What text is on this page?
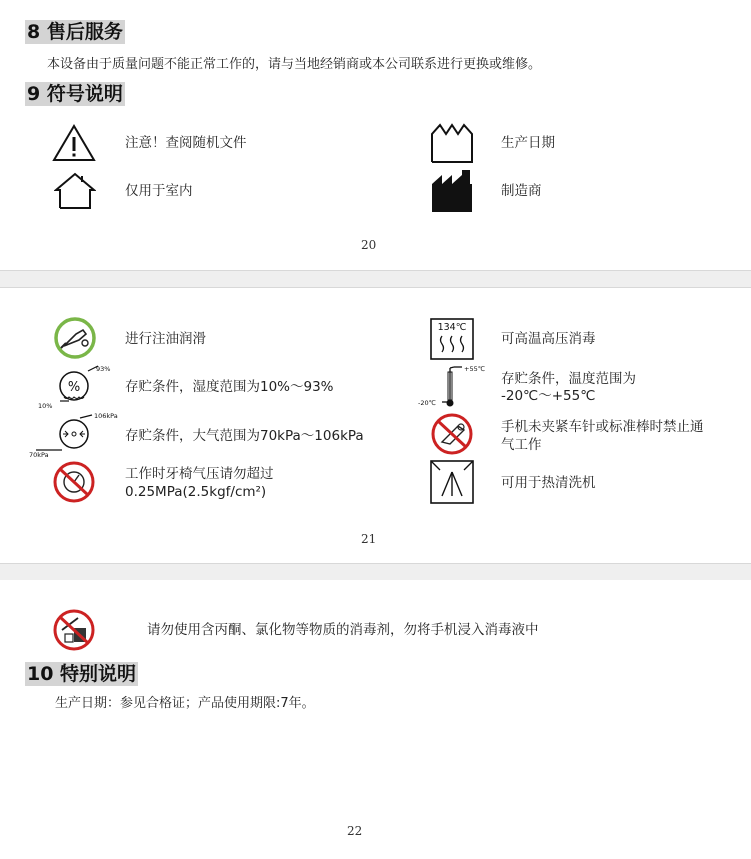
8 售后服务
本设备由于质量问题不能正常工作的，请与当地经销商或本公司联系进行更换或维修。
9 符号说明
注意！查阅随机文件	生产日期
仅用于室内	制造商
20
进行注油润滑
134℃
可高温高压消毒
%
10%
93%
存贮条件，湿度范围为10%～93%
+55℃
-20℃
存贮条件，温度范围为
-20℃～+55℃
70kPa
106kPa
存贮条件，大气范围为70kPa～106kPa
手机未夹紧车针或标准棒时禁止通
气工作
工作时牙椅气压请勿超过
0.25MPa(2.5kgf/cm²)
可用于热清洗机
21
请勿使用含丙酮、氯化物等物质的消毒剂，勿将手机浸入消毒液中
10 特别说明
生产日期：参见合格证；产品使用期限:7年。
22
